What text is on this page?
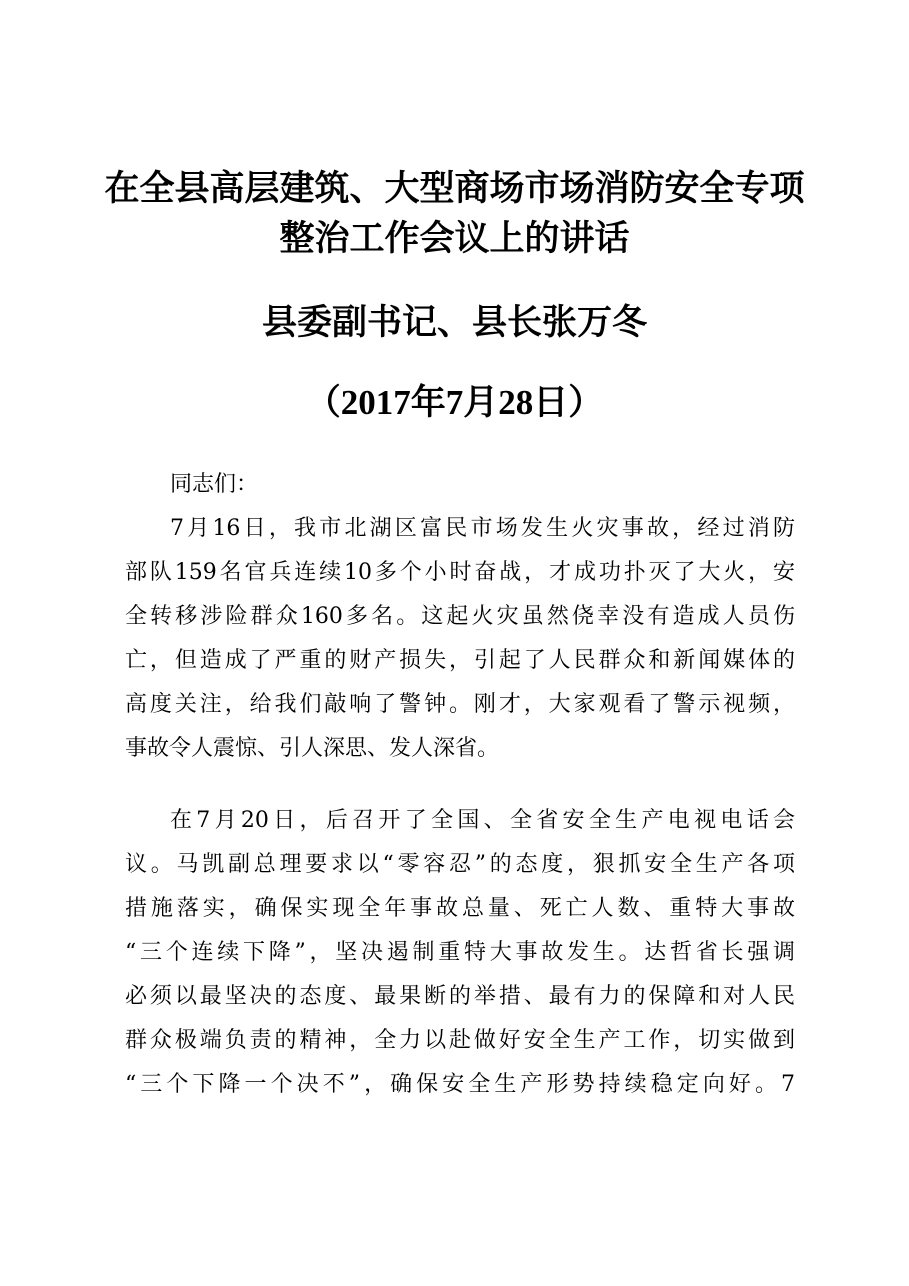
在全县高层建筑、大型商场市场消防安全专项
整治工作会议上的讲话
县委副书记、县长张万冬
（2017年7月28日）

同志们：

7月16日，我市北湖区富民市场发生火灾事故，经过消防
部队159名官兵连续10多个小时奋战，才成功扑灭了大火，安
全转移涉险群众160多名。这起火灾虽然侥幸没有造成人员伤
亡，但造成了严重的财产损失，引起了人民群众和新闻媒体的
高度关注，给我们敲响了警钟。刚才，大家观看了警示视频，
事故令人震惊、引人深思、发人深省。
在7月20日，后召开了全国、全省安全生产电视电话会
议。马凯副总理要求以“零容忍”的态度，狠抓安全生产各项
措施落实，确保实现全年事故总量、死亡人数、重特大事故
“三个连续下降”，坚决遏制重特大事故发生。达哲省长强调
必须以最坚决的态度、最果断的举措、最有力的保障和对人民
群众极端负责的精神，全力以赴做好安全生产工作，切实做到
“三个下降一个决不”，确保安全生产形势持续稳定向好。7
